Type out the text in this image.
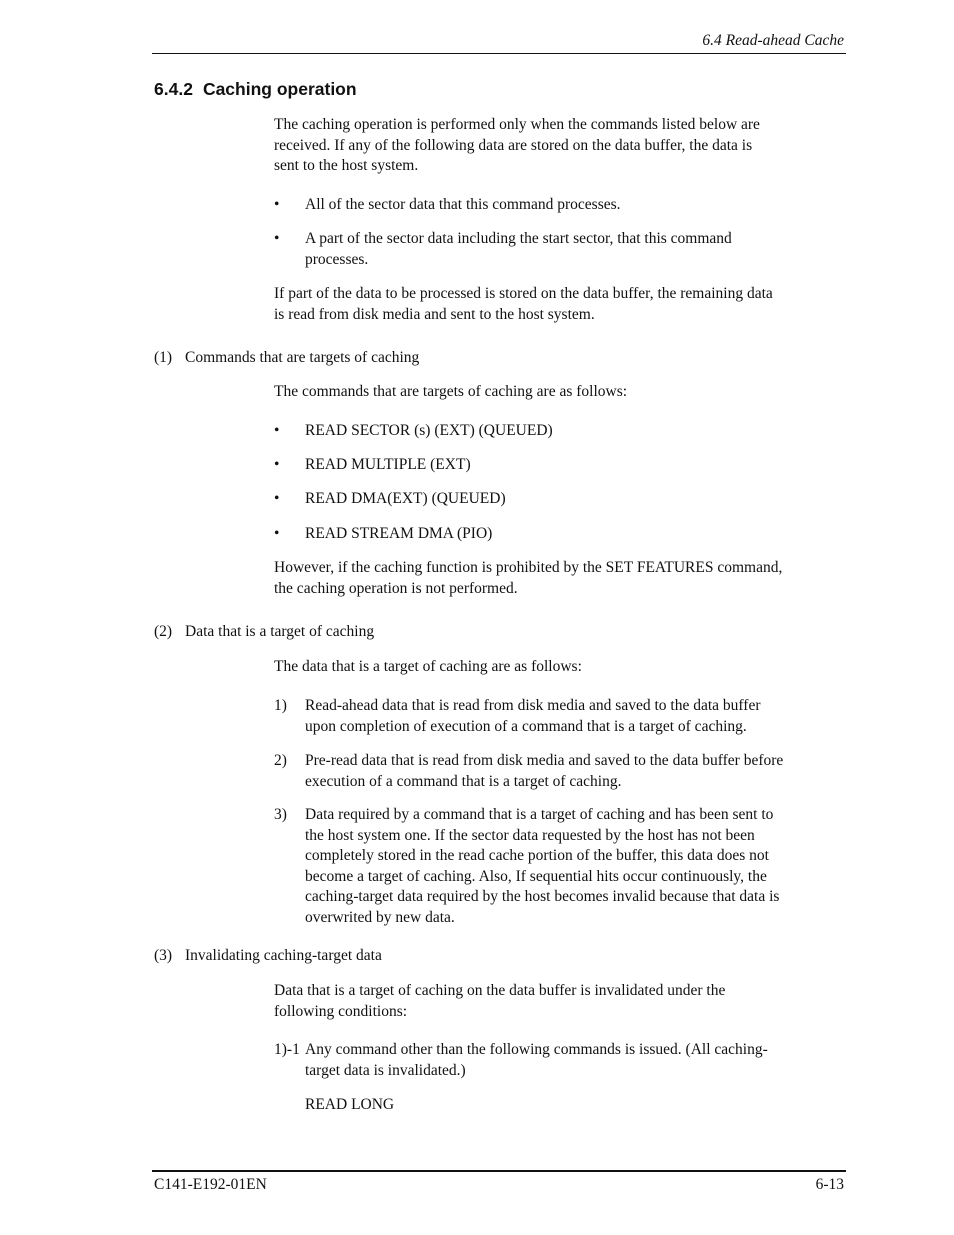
6.4 Read-ahead Cache
6.4.2 Caching operation
The caching operation is performed only when the commands listed below are
received. If any of the following data are stored on the data buffer, the data is
sent to the host system.
•	All of the sector data that this command processes.
•	A part of the sector data including the start sector, that this command
processes.
If part of the data to be processed is stored on the data buffer, the remaining data
is read from disk media and sent to the host system.
(1) Commands that are targets of caching
The commands that are targets of caching are as follows:
•	READ SECTOR (s) (EXT) (QUEUED)
•	READ MULTIPLE (EXT)
•	READ DMA(EXT) (QUEUED)
•	READ STREAM DMA (PIO)
However, if the caching function is prohibited by the SET FEATURES command,
the caching operation is not performed.
(2) Data that is a target of caching
The data that is a target of caching are as follows:
1) Read-ahead data that is read from disk media and saved to the data buffer
upon completion of execution of a command that is a target of caching.
2) Pre-read data that is read from disk media and saved to the data buffer before
execution of a command that is a target of caching.
3) Data required by a command that is a target of caching and has been sent to
the host system one. If the sector data requested by the host has not been
completely stored in the read cache portion of the buffer, this data does not
become a target of caching. Also, If sequential hits occur continuously, the
caching-target data required by the host becomes invalid because that data is
overwrited by new data.
(3) Invalidating caching-target data
Data that is a target of caching on the data buffer is invalidated under the
following conditions:
1)-1 Any command other than the following commands is issued. (All caching-
target data is invalidated.)
READ LONG
C141-E192-01EN	6-13
